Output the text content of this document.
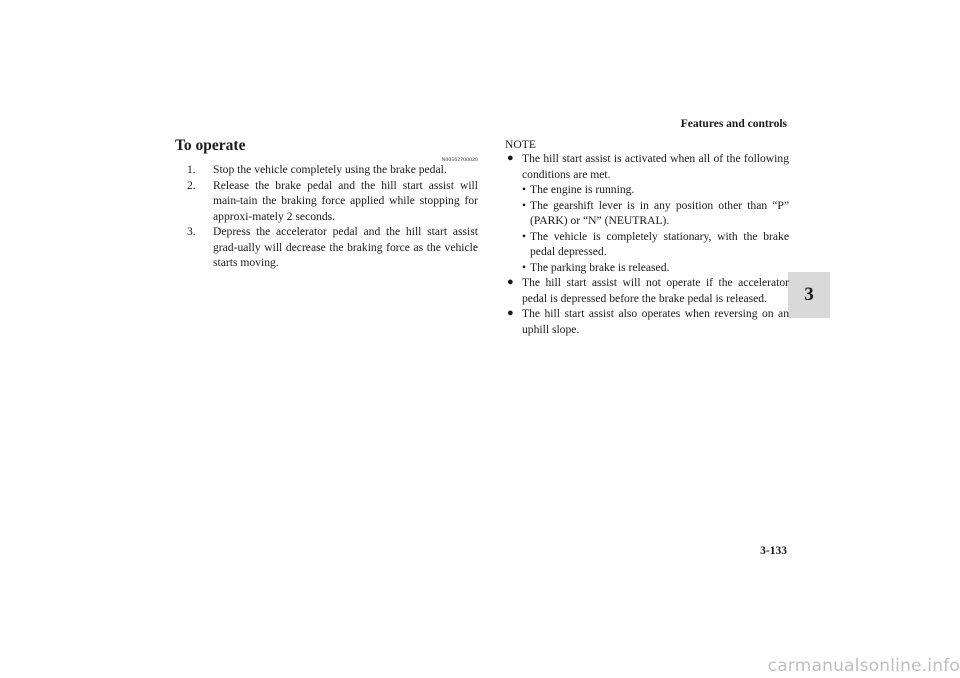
Features and controls
3
To operate
N00562700020
1. Stop the vehicle completely using the brake pedal.
2. Release the brake pedal and the hill start assist will main-tain the braking force applied while stopping for approxi-mately 2 seconds.
3. Depress the accelerator pedal and the hill start assist grad-ually will decrease the braking force as the vehicle starts moving.
NOTE
● The hill start assist is activated when all of the following conditions are met.
• The engine is running.
• The gearshift lever is in any position other than “P” (PARK) or “N” (NEUTRAL).
• The vehicle is completely stationary, with the brake pedal depressed.
• The parking brake is released.
● The hill start assist will not operate if the accelerator pedal is depressed before the brake pedal is released.
● The hill start assist also operates when reversing on an uphill slope.
3-133
carmanualsonline.info
